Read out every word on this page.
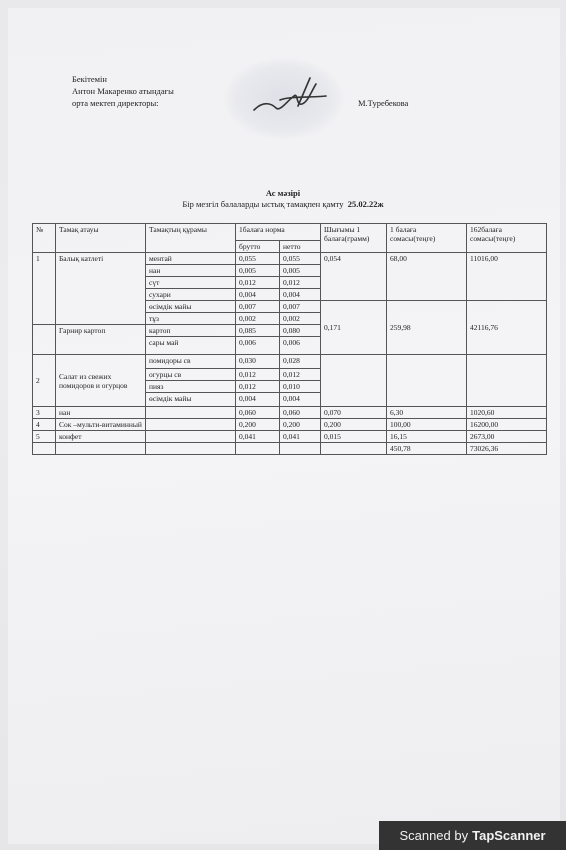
Бекітемін
Антон Макаренко атындағы
орта мектеп директоры:	М.Туребекова
Ас мәзірі
Бір мезгіл балаларды ыстық тамақпен қамту 25.02.22ж
№	Тамақ атауы	Тамақтың құрамы	1балаға норма		Шығымы 1 балаға(грамм)	1 балаға сомасы(теңге)	162балаға сомасы(теңге)	
			брутто	нетто				
1	Балық катлеті	ментай	0,055	0,055	0,054	68,00	11016,00	
		нан	0,005	0,005				
		сүт	0,012	0,012				
		сухари	0,004	0,004				
		өсімдік майы	0,007	0,007	0,171	259,98	42116,76	
		тұз	0,002	0,002				
	Гарнир картоп	картоп	0,085	0,080				
		сары май	0,006	0,006				
2	Салат из свежих помидоров и огурцов	помидоры св	0,030	0,028				
		огурцы св	0,012	0,012				
		пияз	0,012	0,010				
		өсімдік майы	0,004	0,004				
3	нан		0,060	0,060	0,070	6,30	1020,60	
4	Сок –мульти-витаминный		0,200	0,200	0,200	100,00	16200,00	
5	конфет		0,041	0,041	0,015	16,15	2673,00	
						450,78	73026,36	
Scanned by TapScanner
